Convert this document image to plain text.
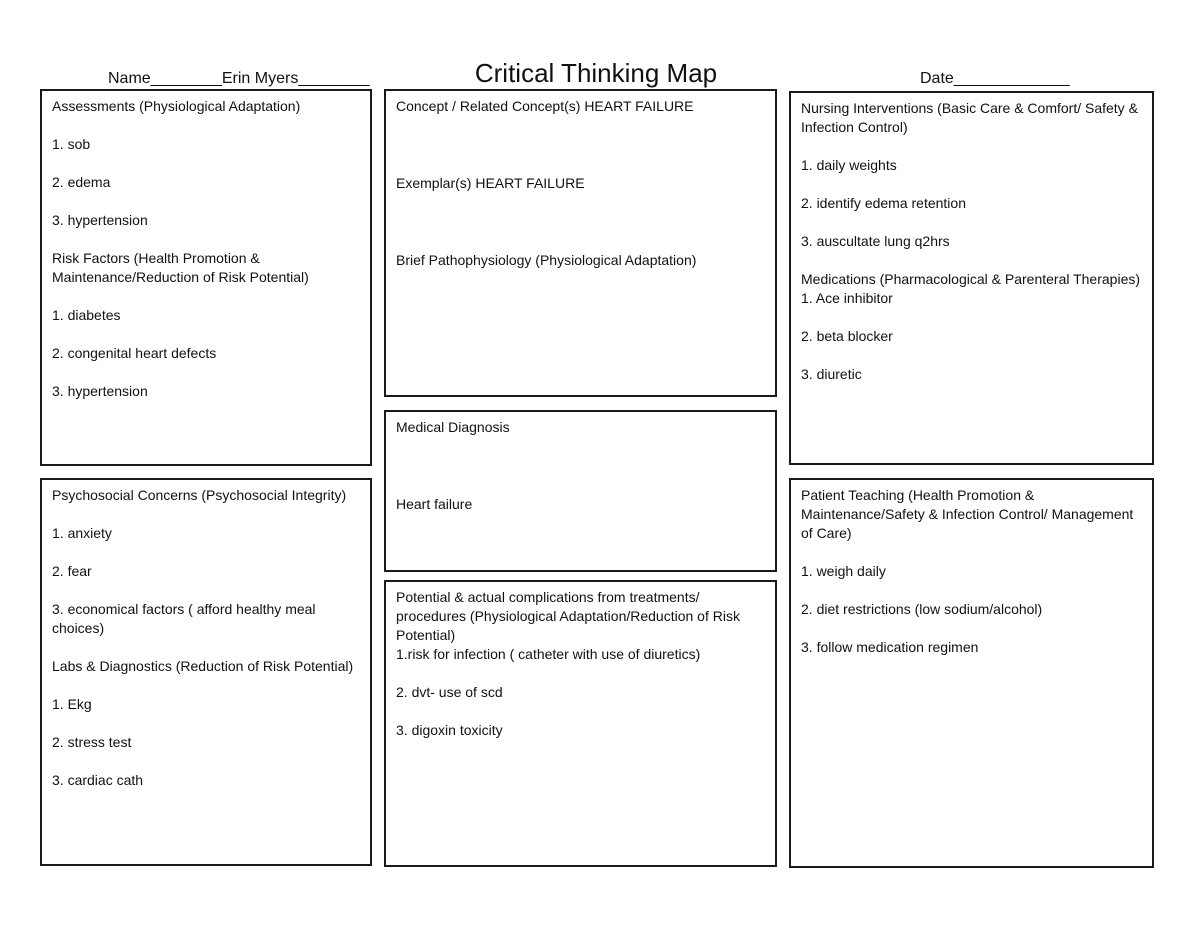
Name________Erin Myers________	Critical Thinking Map	Date_____________

Assessments (Physiological Adaptation)

1. sob

2. edema

3. hypertension

Risk Factors (Health Promotion & Maintenance/Reduction of Risk Potential)

1. diabetes

2. congenital heart defects

3. hypertension

Psychosocial Concerns (Psychosocial Integrity)

1. anxiety

2. fear

3. economical factors ( afford healthy meal choices)

Labs & Diagnostics (Reduction of Risk Potential)

1. Ekg

2. stress test

3. cardiac cath

Concept / Related Concept(s) HEART FAILURE

Exemplar(s) HEART FAILURE

Brief Pathophysiology (Physiological Adaptation)

Medical Diagnosis

Heart failure

Potential & actual complications from treatments/ procedures (Physiological Adaptation/Reduction of Risk Potential)

1.risk for infection ( catheter with use of diuretics)

2. dvt- use of scd

3. digoxin toxicity

Nursing Interventions (Basic Care & Comfort/ Safety & Infection Control)

1. daily weights

2. identify edema retention

3. auscultate lung q2hrs

Medications (Pharmacological & Parenteral Therapies)

1. Ace inhibitor

2. beta blocker

3. diuretic

Patient Teaching (Health Promotion & Maintenance/Safety & Infection Control/ Management of Care)

1. weigh daily

2. diet restrictions (low sodium/alcohol)

3. follow medication regimen
